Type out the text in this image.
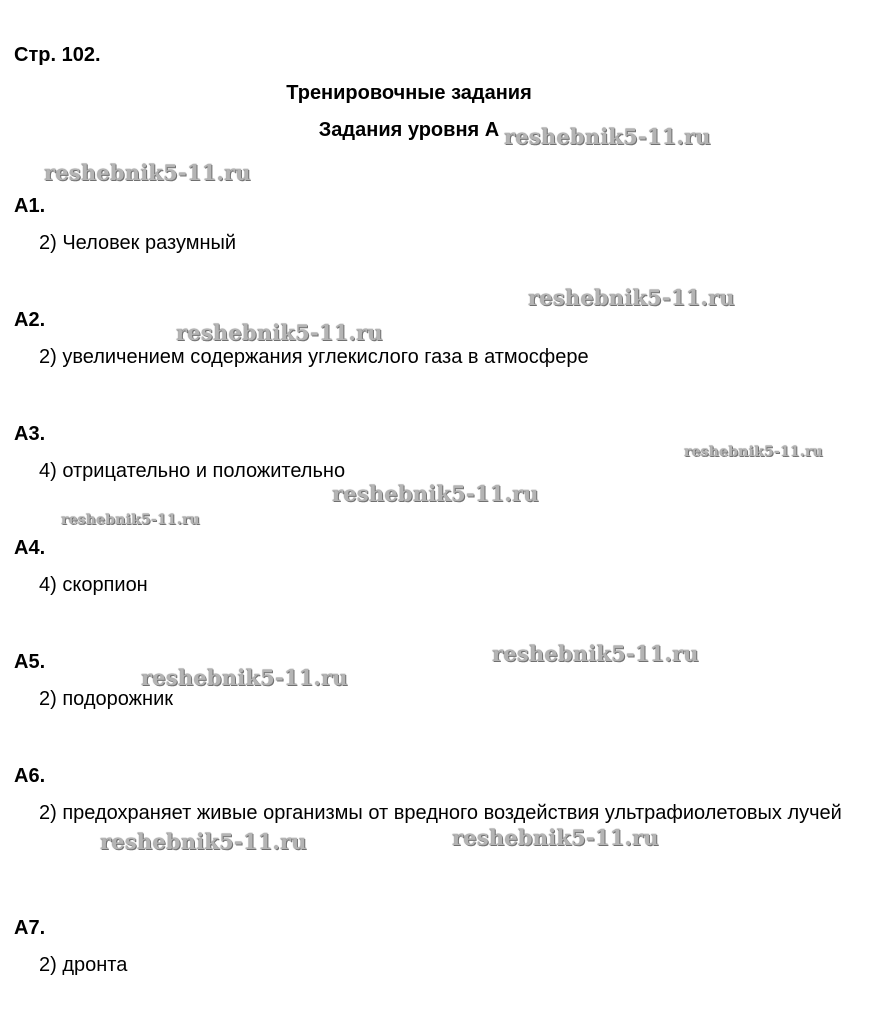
Стр. 102.
Тренировочные задания
Задания уровня А
А1.
2) Человек разумный
А2.
2) увеличением содержания углекислого газа в атмосфере
А3.
4) отрицательно и положительно
А4.
4) скорпион
А5.
2) подорожник
А6.
2) предохраняет живые организмы от вредного воздействия ультрафиолетовых лучей
А7.
2) дронта
reshebnik5-11.ru
reshebnik5-11.ru
reshebnik5-11.ru
reshebnik5-11.ru
reshebnik5-11.ru
reshebnik5-11.ru
reshebnik5-11.ru
reshebnik5-11.ru
reshebnik5-11.ru
reshebnik5-11.ru
reshebnik5-11.ru
